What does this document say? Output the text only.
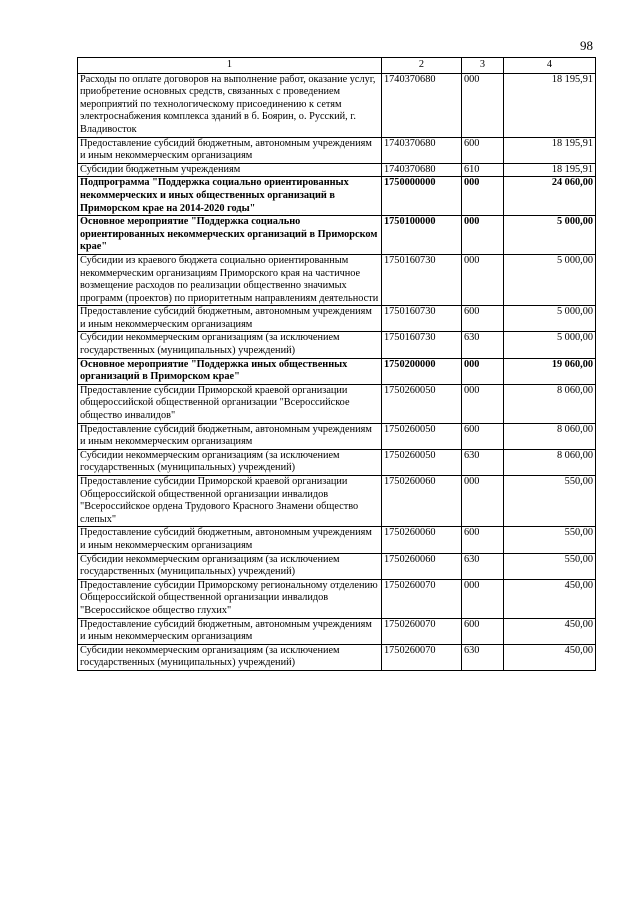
98
1	2	3	4
Расходы по оплате договоров на выполнение работ, оказание услуг, приобретение основных средств, связанных с проведением мероприятий по технологическому присоединению к сетям электроснабжения комплекса зданий в б. Боярин, о. Русский, г. Владивосток	1740370680	000	18 195,91
Предоставление субсидий бюджетным, автономным учреждениям и иным некоммерческим организациям	1740370680	600	18 195,91
Субсидии бюджетным учреждениям	1740370680	610	18 195,91
Подпрограмма "Поддержка социально ориентированных некоммерческих и иных общественных организаций в Приморском крае на 2014-2020 годы"	1750000000	000	24 060,00
Основное мероприятие "Поддержка социально ориентированных некоммерческих организаций в Приморском крае"	1750100000	000	5 000,00
Субсидии из краевого бюджета социально ориентированным некоммерческим организациям Приморского края на частичное возмещение расходов по реализации общественно значимых программ (проектов) по приоритетным направлениям деятельности	1750160730	000	5 000,00
Предоставление субсидий бюджетным, автономным учреждениям и иным некоммерческим организациям	1750160730	600	5 000,00
Субсидии некоммерческим организациям (за исключением государственных (муниципальных) учреждений)	1750160730	630	5 000,00
Основное мероприятие "Поддержка иных общественных организаций в Приморском крае"	1750200000	000	19 060,00
Предоставление субсидии Приморской краевой организации общероссийской общественной организации "Всероссийское общество инвалидов"	1750260050	000	8 060,00
Предоставление субсидий бюджетным, автономным учреждениям и иным некоммерческим организациям	1750260050	600	8 060,00
Субсидии некоммерческим организациям (за исключением государственных (муниципальных) учреждений)	1750260050	630	8 060,00
Предоставление субсидии Приморской краевой организации Общероссийской общественной организации инвалидов "Всероссийское ордена Трудового Красного Знамени общество слепых"	1750260060	000	550,00
Предоставление субсидий бюджетным, автономным учреждениям и иным некоммерческим организациям	1750260060	600	550,00
Субсидии некоммерческим организациям (за исключением государственных (муниципальных) учреждений)	1750260060	630	550,00
Предоставление субсидии Приморскому региональному отделению Общероссийской общественной организации инвалидов "Всероссийское общество глухих"	1750260070	000	450,00
Предоставление субсидий бюджетным, автономным учреждениям и иным некоммерческим организациям	1750260070	600	450,00
Субсидии некоммерческим организациям (за исключением государственных (муниципальных) учреждений)	1750260070	630	450,00
